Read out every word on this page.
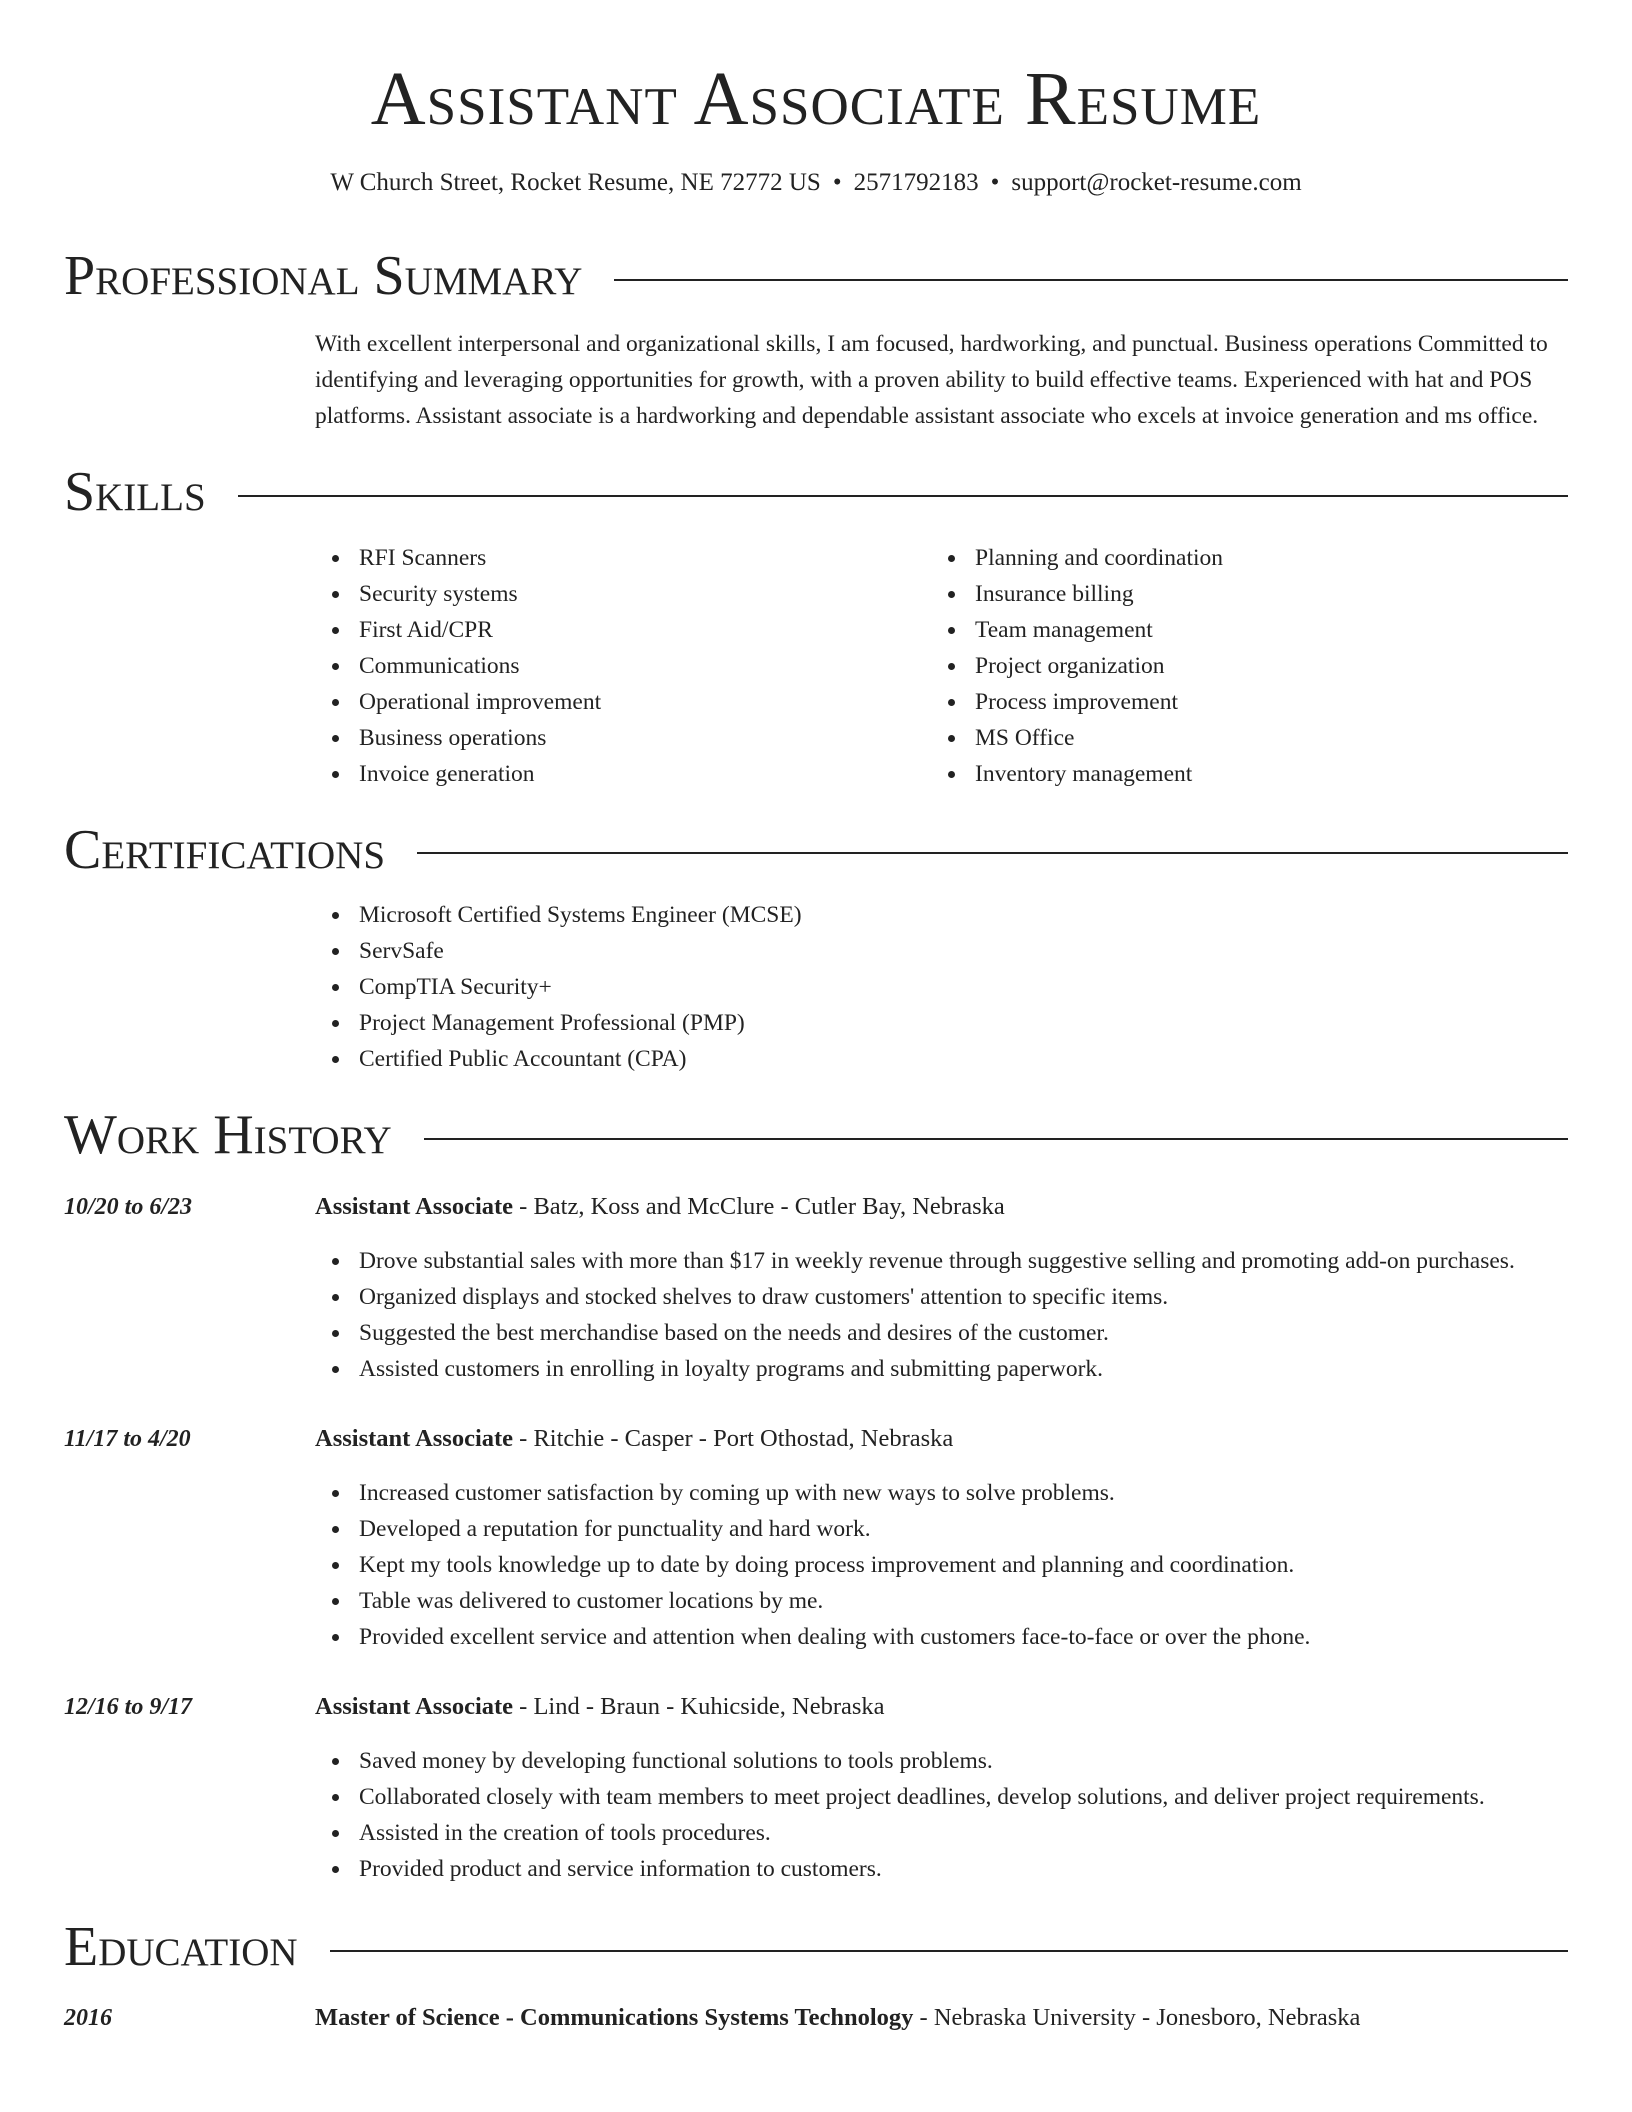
Assistant Associate Resume
W Church Street, Rocket Resume, NE 72772 US • 2571792183 • support@rocket-resume.com
Professional Summary

With excellent interpersonal and organizational skills, I am focused, hardworking, and punctual. Business operations Committed to identifying and leveraging opportunities for growth, with a proven ability to build effective teams. Experienced with hat and POS platforms. Assistant associate is a hardworking and dependable assistant associate who excels at invoice generation and ms office.

Skills
RFI Scanners
Security systems
First Aid/CPR
Communications
Operational improvement
Business operations
Invoice generation
Planning and coordination
Insurance billing
Team management
Project organization
Process improvement
MS Office
Inventory management
Certifications
Microsoft Certified Systems Engineer (MCSE)
ServSafe
CompTIA Security+
Project Management Professional (PMP)
Certified Public Accountant (CPA)
Work History
10/20 to 6/23	Assistant Associate - Batz, Koss and McClure - Cutler Bay, Nebraska
Drove substantial sales with more than $17 in weekly revenue through suggestive selling and promoting add-on purchases.
Organized displays and stocked shelves to draw customers' attention to specific items.
Suggested the best merchandise based on the needs and desires of the customer.
Assisted customers in enrolling in loyalty programs and submitting paperwork.
11/17 to 4/20	Assistant Associate - Ritchie - Casper - Port Othostad, Nebraska
Increased customer satisfaction by coming up with new ways to solve problems.
Developed a reputation for punctuality and hard work.
Kept my tools knowledge up to date by doing process improvement and planning and coordination.
Table was delivered to customer locations by me.
Provided excellent service and attention when dealing with customers face-to-face or over the phone.
12/16 to 9/17	Assistant Associate - Lind - Braun - Kuhicside, Nebraska
Saved money by developing functional solutions to tools problems.
Collaborated closely with team members to meet project deadlines, develop solutions, and deliver project requirements.
Assisted in the creation of tools procedures.
Provided product and service information to customers.
Education
2016	Master of Science - Communications Systems Technology - Nebraska University - Jonesboro, Nebraska
